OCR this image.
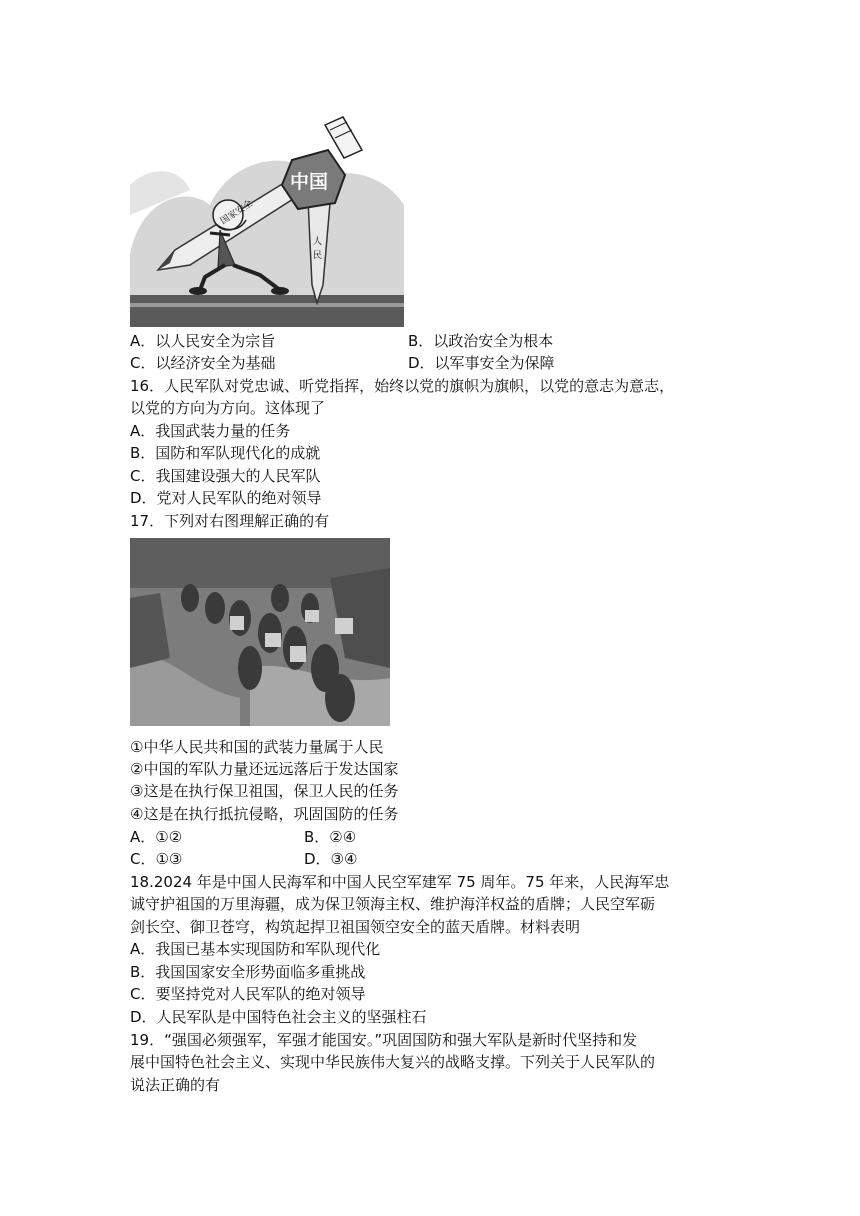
中国
国家安全
人民
A．以人民安全为宗旨	B．以政治安全为根本
C．以经济安全为基础	D．以军事安全为保障
16．人民军队对党忠诚、听党指挥，始终以党的旗帜为旗帜，以党的意志为意志，
以党的方向为方向。这体现了
A．我国武装力量的任务
B．国防和军队现代化的成就
C．我国建设强大的人民军队
D．党对人民军队的绝对领导
17．下列对右图理解正确的有
①中华人民共和国的武装力量属于人民
②中国的军队力量还远远落后于发达国家
③这是在执行保卫祖国，保卫人民的任务
④这是在执行抵抗侵略，巩固国防的任务
A．①②	B．②④
C．①③	D．③④
18.2024 年是中国人民海军和中国人民空军建军 75 周年。75 年来，人民海军忠
诚守护祖国的万里海疆，成为保卫领海主权、维护海洋权益的盾牌；人民空军砺
剑长空、御卫苍穹，构筑起捍卫祖国领空安全的蓝天盾牌。材料表明
A．我国已基本实现国防和军队现代化
B．我国国家安全形势面临多重挑战
C．要坚持党对人民军队的绝对领导
D．人民军队是中国特色社会主义的坚强柱石
19．“强国必须强军，军强才能国安。”巩固国防和强大军队是新时代坚持和发
展中国特色社会主义、实现中华民族伟大复兴的战略支撑。下列关于人民军队的
说法正确的有
